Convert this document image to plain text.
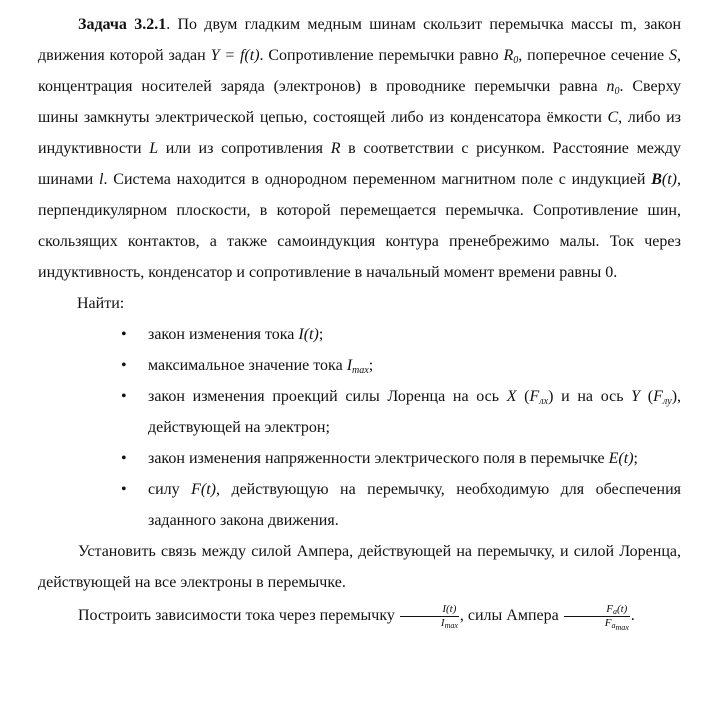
Задача 3.2.1. По двум гладким медным шинам скользит перемычка массы m, закон движения которой задан Y = f(t). Сопротивление перемычки равно $R_0$, поперечное сечение S, концентрация носителей заряда (электронов) в проводнике перемычки равна $n_0$. Сверху шины замкнуты электрической цепью, состоящей либо из конденсатора ёмкости C, либо из индуктивности L или из сопротивления R в соответствии с рисунком. Расстояние между шинами l. Система находится в однородном переменном магнитном поле с индукцией B(t), перпендикулярном плоскости, в которой перемещается перемычка. Сопротивление шин, скользящих контактов, а также самоиндукция контура пренебрежимо малы. Ток через индуктивность, конденсатор и сопротивление в начальный момент времени равны 0.

Найти:

• закон изменения тока I(t);
• максимальное значение тока $I_{max}$;
• закон изменения проекций силы Лоренца на ось X $(F_{лx})$ и на ось Y $(F_{лy})$, действующей на электрон;
• закон изменения напряженности электрического поля в перемычке E(t);
• силу F(t), действующую на перемычку, необходимую для обеспечения заданного закона движения.

Установить связь между силой Ампера, действующей на перемычку, и силой Лоренца, действующей на все электроны в перемычке.

Построить зависимости тока через перемычку $\frac{I(t)}{I_{max}}$ , силы Ампера $\frac{F_a(t)}{F_{a_{max}}}$ .
